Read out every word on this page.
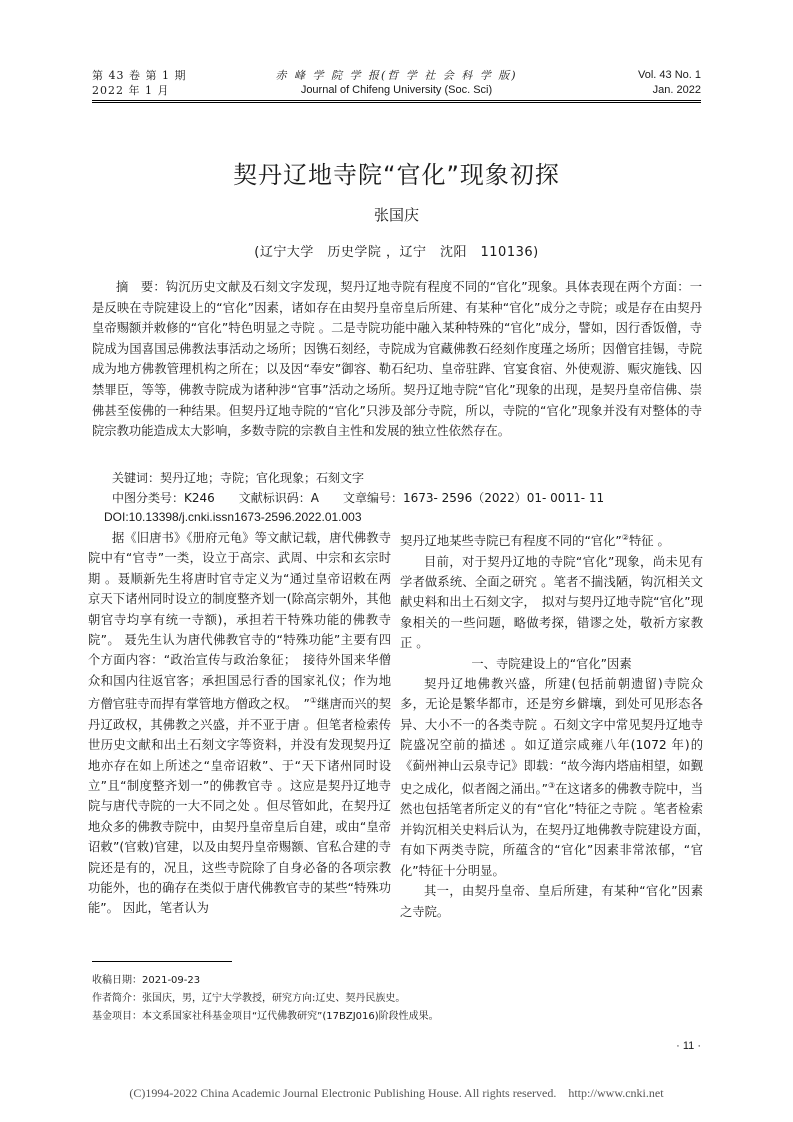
第 43 卷 第 1 期
2022 年 1 月
赤 峰 学 院 学 报(哲 学 社 会 科 学 版)
Journal of Chifeng University (Soc. Sci)
Vol. 43 No. 1
Jan. 2022
契丹辽地寺院“官化”现象初探
张国庆
(辽宁大学　历史学院 ，辽宁　沈阳　110136)
摘　要：钩沉历史文献及石刻文字发现，契丹辽地寺院有程度不同的“官化”现象。具体表现在两个方面：一是反映在寺院建设上的“官化”因素，诸如存在由契丹皇帝皇后所建、有某种“官化”成分之寺院；或是存在由契丹皇帝赐额并敕修的“官化”特色明显之寺院 。二是寺院功能中融入某种特殊的“官化”成分，譬如，因行香饭僧，寺院成为国喜国忌佛教法事活动之场所；因镌石刻经，寺院成为官藏佛教石经刻作度瑾之场所；因僧官挂锡，寺院成为地方佛教管理机构之所在；以及因“奉安”御容、勒石纪功、皇帝驻跸、官宴食宿、外使观游、赈灾施钱、囚禁罪臣，等等，佛教寺院成为诸种涉“官事”活动之场所。契丹辽地寺院“官化”现象的出现，是契丹皇帝信佛、崇佛甚至侫佛的一种结果。但契丹辽地寺院的“官化”只涉及部分寺院，所以，寺院的“官化”现象并没有对整体的寺院宗教功能造成太大影响，多数寺院的宗教自主性和发展的独立性依然存在。
关键词：契丹辽地；寺院；官化现象；石刻文字
中图分类号：K246　　文献标识码：A　　文章编号：1673- 2596（2022）01- 0011- 11
DOI:10.13398/j.cnki.issn1673-2596.2022.01.003

据《旧唐书》《册府元龟》等文献记载，唐代佛教寺院中有“官寺”一类，设立于高宗、武周、中宗和玄宗时期 。聂顺新先生将唐时官寺定义为“通过皇帝诏敕在两京天下诸州同时设立的制度整齐划一(除高宗朝外，其他朝官寺均享有统一寺额)，承担若干特殊功能的佛教寺院”。 聂先生认为唐代佛教官寺的“特殊功能”主要有四个方面内容：“政治宣传与政治象征；　接待外国来华僧众和国内往返官客；承担国忌行香的国家礼仪；作为地方僧官驻寺而捍有掌管地方僧政之权。　”①继唐而兴的契丹辽政权，其佛教之兴盛，并不亚于唐 。但笔者检索传世历史文献和出土石刻文字等资料，并没有发现契丹辽地亦存在如上所述之“皇帝诏敕”、于“天下诸州同时设立”且“制度整齐划一”的佛教官寺 。这应是契丹辽地寺院与唐代寺院的一大不同之处 。但尽管如此，在契丹辽地众多的佛教寺院中，由契丹皇帝皇后自建，或由“皇帝诏敕”(官敕)官建，以及由契丹皇帝赐额、官私合建的寺院还是有的，况且，这些寺院除了自身必备的各项宗教功能外，也的确存在类似于唐代佛教官寺的某些“特殊功能”。 因此，笔者认为

契丹辽地某些寺院已有程度不同的“官化”②特征 。

目前，对于契丹辽地的寺院“官化”现象，尚未见有学者做系统、全面之研究 。笔者不揣浅陋，钩沉相关文献史料和出土石刻文字，　拟对与契丹辽地寺院“官化”现象相关的一些问题，略做考探，错谬之处，敬祈方家教正 。

一、寺院建设上的“官化”因素

契丹辽地佛教兴盛，所建(包括前朝遗留)寺院众多，无论是繁华都市，还是穷乡僻壤，到处可见形态各异、大小不一的各类寺院 。石刻文字中常见契丹辽地寺院盛况空前的描述 。如辽道宗咸雍八年(1072 年)的《蓟州神山云泉寺记》即载：“故今海内塔庙相望，如觐史之成化，似者阁之涌出。”③在这诸多的佛教寺院中，当然也包括笔者所定义的有“官化”特征之寺院 。笔者检索并钩沉相关史料后认为，在契丹辽地佛教寺院建设方面，　有如下两类寺院，所蕴含的“官化”因素非常浓郁，“官化”特征十分明显。

其一，由契丹皇帝、皇后所建，有某种“官化”因素之寺院。

收稿日期：2021-09-23
作者简介：张国庆，男，辽宁大学教授，研究方向:辽史、契丹民族史。
基金项目：本文系国家社科基金项目“辽代佛教研究”(17BZJ016)阶段性成果。
· 11 ·
(C)1994-2022 China Academic Journal Electronic Publishing House. All rights reserved.　http://www.cnki.net
